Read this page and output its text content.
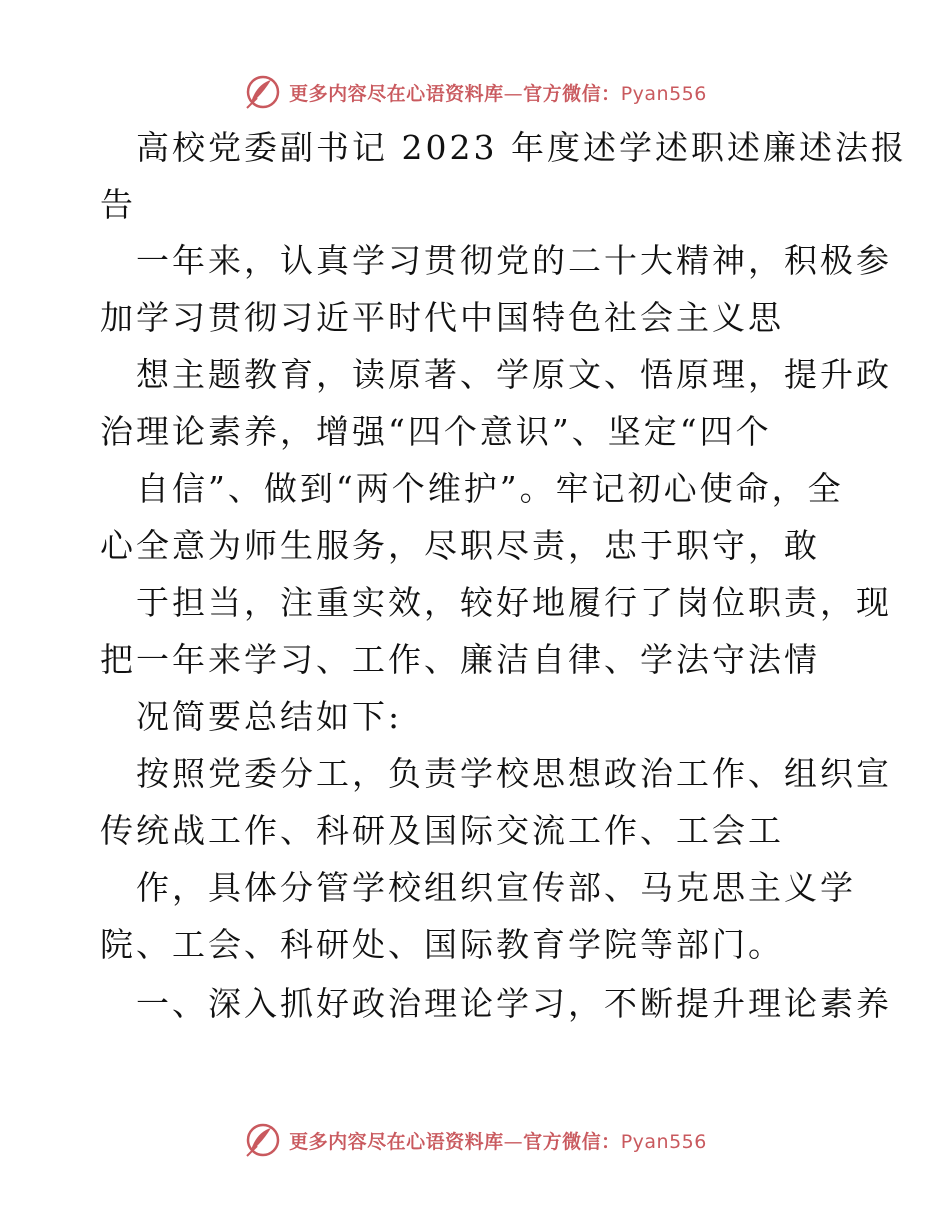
更多内容尽在心语资料库—官方微信：Pyan556
高校党委副书记 2023 年度述学述职述廉述法报
告
一年来，认真学习贯彻党的二十大精神，积极参
加学习贯彻习近平时代中国特色社会主义思
想主题教育，读原著、学原文、悟原理，提升政
治理论素养，增强“四个意识”、坚定“四个
自信”、做到“两个维护”。牢记初心使命，全
心全意为师生服务，尽职尽责，忠于职守，敢
于担当，注重实效，较好地履行了岗位职责，现
把一年来学习、工作、廉洁自律、学法守法情
况简要总结如下:
按照党委分工，负责学校思想政治工作、组织宣
传统战工作、科研及国际交流工作、工会工
作，具体分管学校组织宣传部、马克思主义学
院、工会、科研处、国际教育学院等部门。
一、深入抓好政治理论学习，不断提升理论素养
更多内容尽在心语资料库—官方微信：Pyan556
